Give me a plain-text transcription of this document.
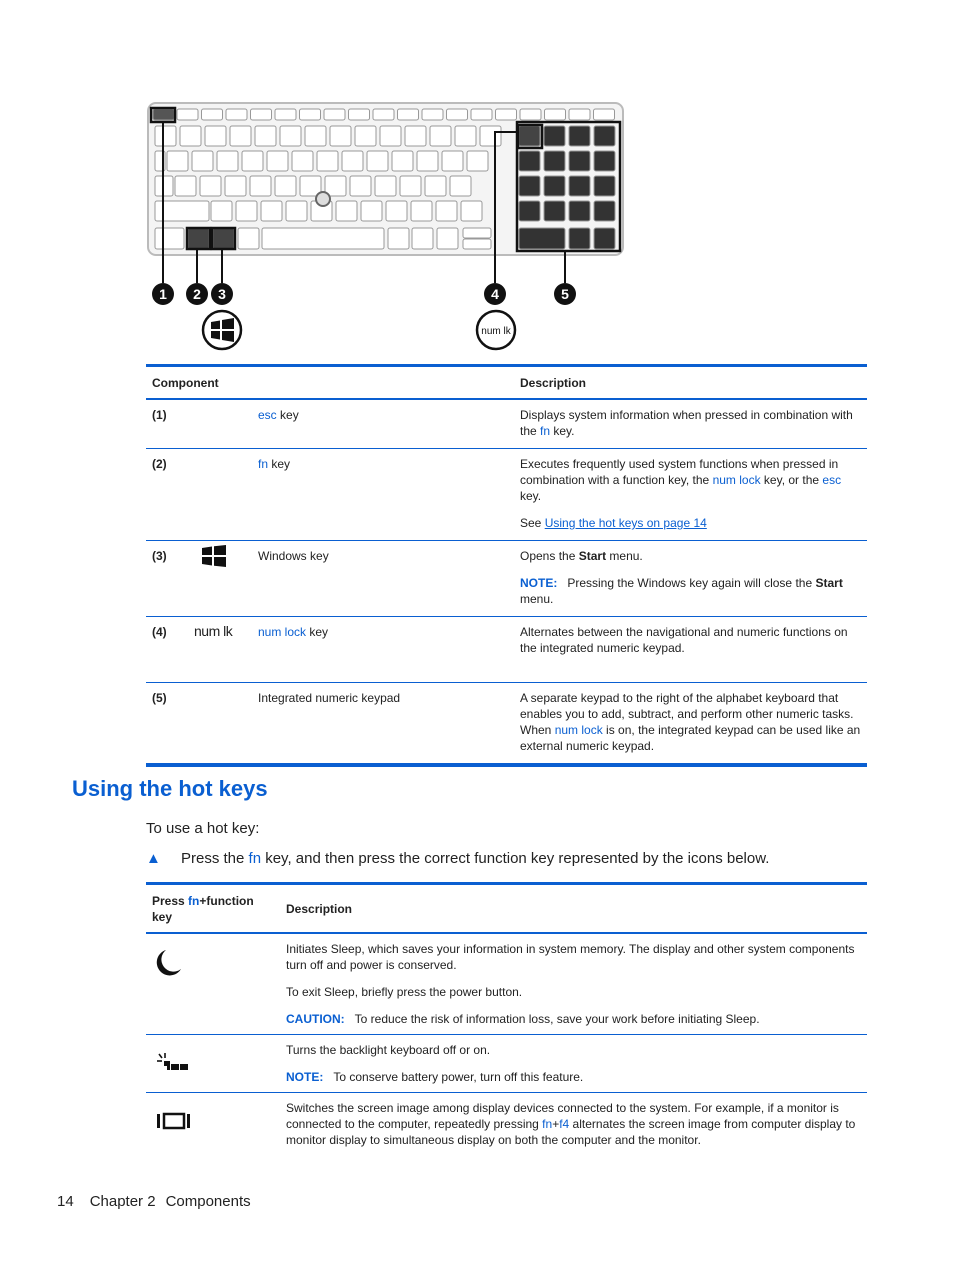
1 2 3	4	5
num lk
Component		Description
(1)	esc key	Displays system information when pressed in combination with the fn key.
(2)	fn key	Executes frequently used system functions when pressed in combination with a function key, the num lock key, or the esc key.
See Using the hot keys on page 14

(3)	Windows key	Opens the Start menu.
NOTE: Pressing the Windows key again will close the Start menu.

(4)	num lock key	Alternates between the navigational and numeric functions on the integrated numeric keypad.

(5)	Integrated numeric keypad	A separate keypad to the right of the alphabet keyboard that enables you to add, subtract, and perform other numeric tasks. When num lock is on, the integrated keypad can be used like an external numeric keypad.
num lk
Using the hot keys

To use a hot key:

▲ Press the fn key, and then press the correct function key represented by the icons below.

Press fn+function key	Description

Initiates Sleep, which saves your information in system memory. The display and other system components turn off and power is conserved.
To exit Sleep, briefly press the power button.
CAUTION: To reduce the risk of information loss, save your work before initiating Sleep.

Turns the backlight keyboard off or on.
NOTE: To conserve battery power, turn off this feature.

	Switches the screen image among display devices connected to the system. For example, if a monitor is connected to the computer, repeatedly pressing fn+f4 alternates the screen image from computer display to monitor display to simultaneous display on both the computer and the monitor.
14 Chapter 2 Components
